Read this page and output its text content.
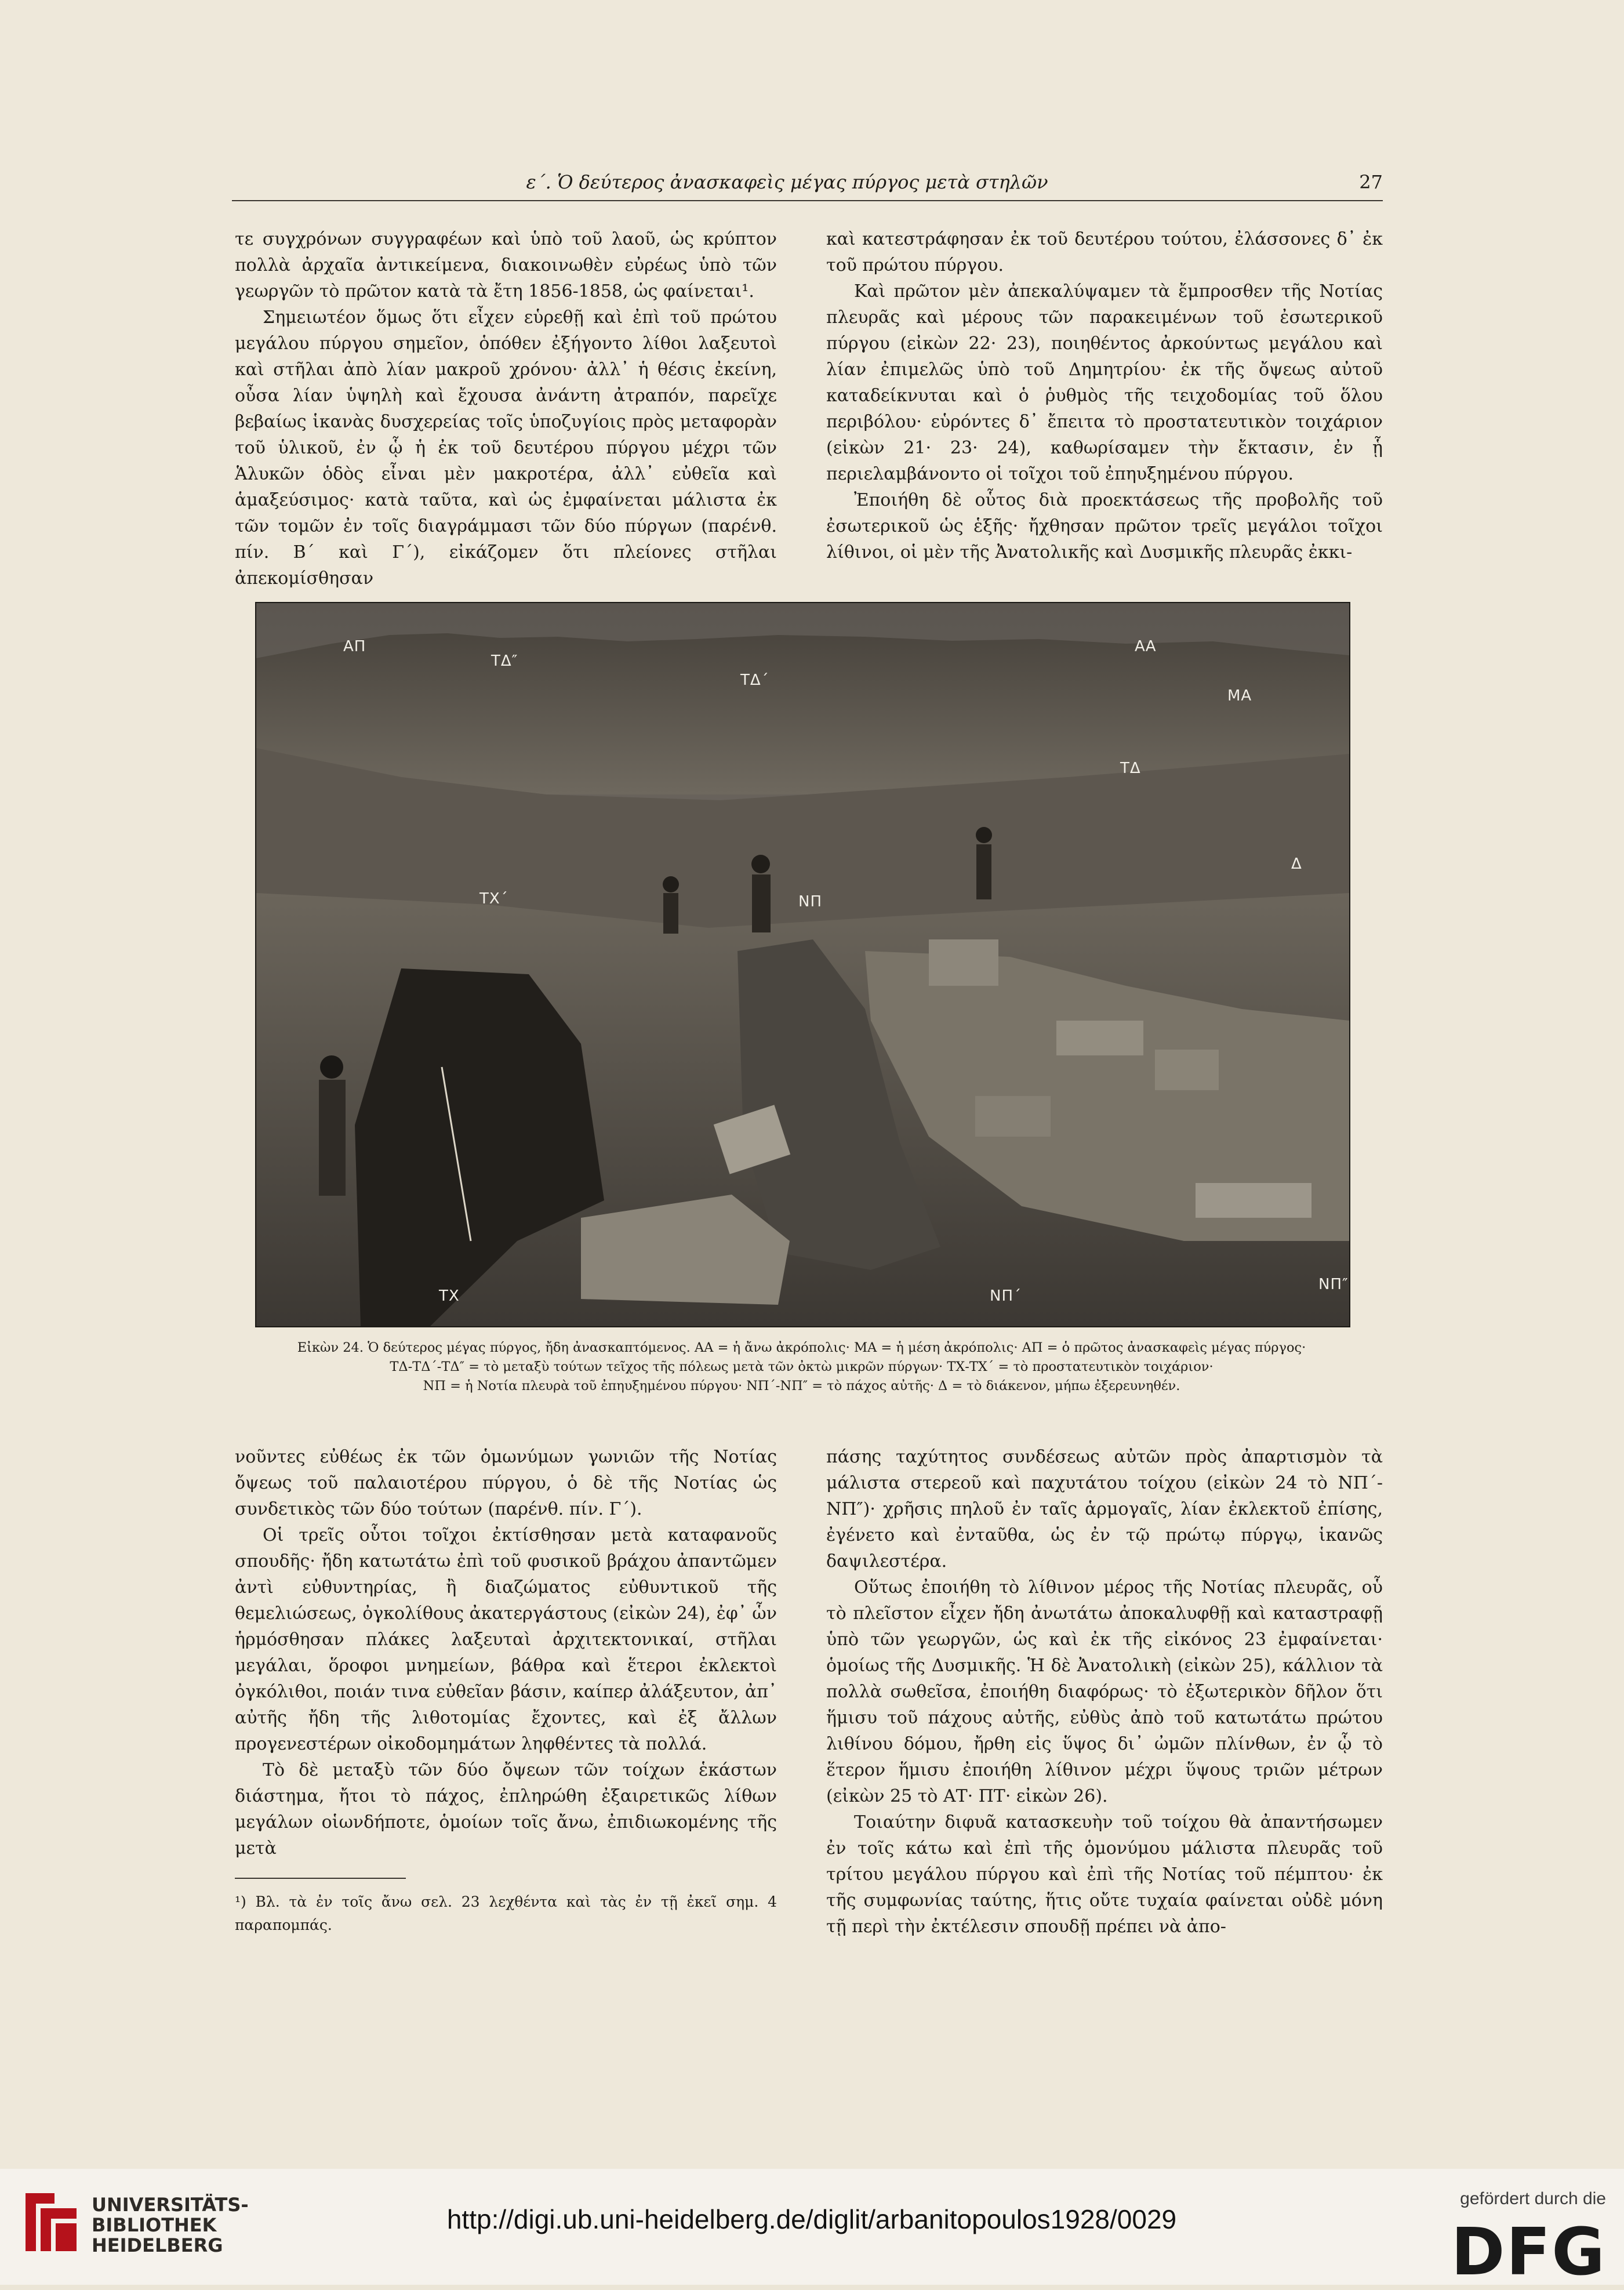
ε΄. Ὁ δεύτερος ἀνασκαφεὶς μέγας πύργος μετὰ στηλῶν	27

τε συγχρόνων συγγραφέων καὶ ὑπὸ τοῦ λαοῦ, ὡς κρύπτον πολλὰ ἀρχαῖα ἀντικείμενα, διακοινωθὲν εὐρέως ὑπὸ τῶν γεωργῶν τὸ πρῶτον κατὰ τὰ ἔτη 1856-1858, ὡς φαίνεται¹.

Σημειωτέον ὅμως ὅτι εἶχεν εὑρεθῇ καὶ ἐπὶ τοῦ πρώτου μεγάλου πύργου σημεῖον, ὁπόθεν ἐξήγοντο λίθοι λαξευτοὶ καὶ στῆλαι ἀπὸ λίαν μακροῦ χρόνου· ἀλλ᾽ ἡ θέσις ἐκείνη, οὖσα λίαν ὑψηλὴ καὶ ἔχουσα ἀνάντη ἀτραπόν, παρεῖχε βεβαίως ἱκανὰς δυσχερείας τοῖς ὑποζυγίοις πρὸς μεταφορὰν τοῦ ὑλικοῦ, ἐν ᾧ ἡ ἐκ τοῦ δευτέρου πύργου μέχρι τῶν Ἁλυκῶν ὁδὸς εἶναι μὲν μακροτέρα, ἀλλ᾽ εὐθεῖα καὶ ἁμαξεύσιμος· κατὰ ταῦτα, καὶ ὡς ἐμφαίνεται μάλιστα ἐκ τῶν τομῶν ἐν τοῖς διαγράμμασι τῶν δύο πύργων (παρένθ. πίν. Β΄ καὶ Γ΄), εἰκάζομεν ὅτι πλείονες στῆλαι ἀπεκομίσθησαν

καὶ κατεστράφησαν ἐκ τοῦ δευτέρου τούτου, ἐλάσσονες δ᾽ ἐκ τοῦ πρώτου πύργου.

Καὶ πρῶτον μὲν ἀπεκαλύψαμεν τὰ ἔμπροσθεν τῆς Νοτίας πλευρᾶς καὶ μέρους τῶν παρακειμένων τοῦ ἐσωτερικοῦ πύργου (εἰκὼν 22· 23), ποιηθέντος ἀρκούντως μεγάλου καὶ λίαν ἐπιμελῶς ὑπὸ τοῦ Δημητρίου· ἐκ τῆς ὄψεως αὐτοῦ καταδείκνυται καὶ ὁ ῥυθμὸς τῆς τειχοδομίας τοῦ ὅλου περιβόλου· εὑρόντες δ᾽ ἔπειτα τὸ προστατευτικὸν τοιχάριον (εἰκὼν 21· 23· 24), καθωρίσαμεν τὴν ἔκτασιν, ἐν ᾗ περιελαμβάνοντο οἱ τοῖχοι τοῦ ἐπηυξημένου πύργου.

Ἐποιήθη δὲ οὗτος διὰ προεκτάσεως τῆς προβολῆς τοῦ ἐσωτερικοῦ ὡς ἑξῆς· ἤχθησαν πρῶτον τρεῖς μεγάλοι τοῖχοι λίθινοι, οἱ μὲν τῆς Ἀνατολικῆς καὶ Δυσμικῆς πλευρᾶς ἐκκι-

ΑΠ	ΑΑ
ΤΔ″
ΤΔ΄
ΜΑ
ΤΔ
Δ
ΤΧ΄	ΝΠ
ΤΧ	ΝΠ΄
ΝΠ″
Εἰκὼν 24. Ὁ δεύτερος μέγας πύργος, ἤδη ἀνασκαπτόμενος. ΑΑ = ἡ ἄνω ἀκρόπολις· ΜΑ = ἡ μέση ἀκρόπολις· ΑΠ = ὁ πρῶτος ἀνασκαφεὶς μέγας πύργος·
ΤΔ-ΤΔ΄-ΤΔ″ = τὸ μεταξὺ τούτων τεῖχος τῆς πόλεως μετὰ τῶν ὀκτὼ μικρῶν πύργων· ΤΧ-ΤΧ΄ = τὸ προστατευτικὸν τοιχάριον·
ΝΠ = ἡ Νοτία πλευρὰ τοῦ ἐπηυξημένου πύργου· ΝΠ΄-ΝΠ″ = τὸ πάχος αὐτῆς· Δ = τὸ διάκενον, μήπω ἐξερευνηθέν.

νοῦντες εὐθέως ἐκ τῶν ὁμωνύμων γωνιῶν τῆς Νοτίας ὄψεως τοῦ παλαιοτέρου πύργου, ὁ δὲ τῆς Νοτίας ὡς συνδετικὸς τῶν δύο τούτων (παρένθ. πίν. Γ΄).

Οἱ τρεῖς οὗτοι τοῖχοι ἐκτίσθησαν μετὰ καταφανοῦς σπουδῆς· ἤδη κατωτάτω ἐπὶ τοῦ φυσικοῦ βράχου ἀπαντῶμεν ἀντὶ εὐθυντηρίας, ἢ διαζώματος εὐθυντικοῦ τῆς θεμελιώσεως, ὀγκολίθους ἀκατεργάστους (εἰκὼν 24), ἐφ᾽ ὧν ἡρμόσθησαν πλάκες λαξευταὶ ἀρχιτεκτονικαί, στῆλαι μεγάλαι, ὅροφοι μνημείων, βάθρα καὶ ἕτεροι ἐκλεκτοὶ ὀγκόλιθοι, ποιάν τινα εὐθεῖαν βάσιν, καίπερ ἀλάξευτον, ἀπ᾽ αὐτῆς ἤδη τῆς λιθοτομίας ἔχοντες, καὶ ἐξ ἄλλων προγενεστέρων οἰκοδομημάτων ληφθέντες τὰ πολλά.

Τὸ δὲ μεταξὺ τῶν δύο ὄψεων τῶν τοίχων ἑκάστων διάστημα, ἤτοι τὸ πάχος, ἐπληρώθη ἐξαιρετικῶς λίθων μεγάλων οἱωνδήποτε, ὁμοίων τοῖς ἄνω, ἐπιδιωκομένης τῆς μετὰ

πάσης ταχύτητος συνδέσεως αὐτῶν πρὸς ἀπαρτισμὸν τὰ μάλιστα στερεοῦ καὶ παχυτάτου τοίχου (εἰκὼν 24 τὸ ΝΠ΄-ΝΠ″)· χρῆσις πηλοῦ ἐν ταῖς ἁρμογαῖς, λίαν ἐκλεκτοῦ ἐπίσης, ἐγένετο καὶ ἐνταῦθα, ὡς ἐν τῷ πρώτῳ πύργῳ, ἱκανῶς δαψιλεστέρα.

Οὕτως ἐποιήθη τὸ λίθινον μέρος τῆς Νοτίας πλευρᾶς, οὗ τὸ πλεῖστον εἶχεν ἤδη ἀνωτάτω ἀποκαλυφθῇ καὶ καταστραφῇ ὑπὸ τῶν γεωργῶν, ὡς καὶ ἐκ τῆς εἰκόνος 23 ἐμφαίνεται· ὁμοίως τῆς Δυσμικῆς. Ἡ δὲ Ἀνατολικὴ (εἰκὼν 25), κάλλιον τὰ πολλὰ σωθεῖσα, ἐποιήθη διαφόρως· τὸ ἐξωτερικὸν δῆλον ὅτι ἥμισυ τοῦ πάχους αὐτῆς, εὐθὺς ἀπὸ τοῦ κατωτάτω πρώτου λιθίνου δόμου, ἤρθη εἰς ὕψος δι᾽ ὠμῶν πλίνθων, ἐν ᾧ τὸ ἕτερον ἥμισυ ἐποιήθη λίθινον μέχρι ὕψους τριῶν μέτρων (εἰκὼν 25 τὸ ΑΤ· ΠΤ· εἰκὼν 26).

Τοιαύτην διφυᾶ κατασκευὴν τοῦ τοίχου θὰ ἀπαντήσωμεν ἐν τοῖς κάτω καὶ ἐπὶ τῆς ὁμονύμου μάλιστα πλευρᾶς τοῦ τρίτου μεγάλου πύργου καὶ ἐπὶ τῆς Νοτίας τοῦ πέμπτου· ἐκ τῆς συμφωνίας ταύτης, ἥτις οὔτε τυχαία φαίνεται οὐδὲ μόνη τῇ περὶ τὴν ἐκτέλεσιν σπουδῇ πρέπει νὰ ἀπο-

¹) Βλ. τὰ ἐν τοῖς ἄνω σελ. 23 λεχθέντα καὶ τὰς ἐν τῇ ἐκεῖ σημ. 4 παραπομπάς.
UNIVERSITÄTS-
BIBLIOTHEK
HEIDELBERG
http://digi.ub.uni-heidelberg.de/diglit/arbanitopoulos1928/0029
gefördert durch die
DFG
